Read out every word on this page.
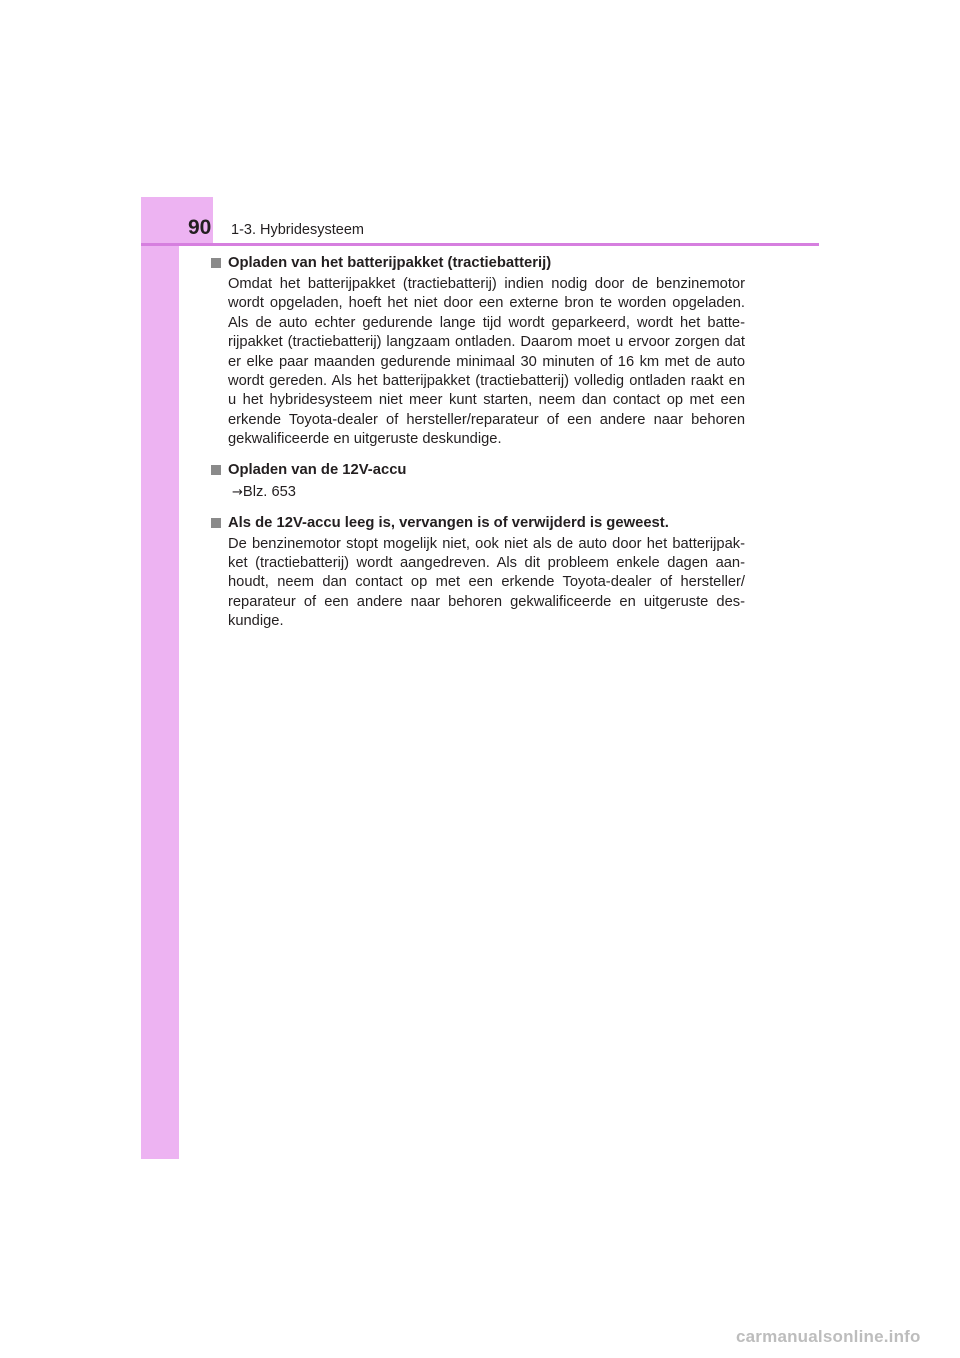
90 1-3. Hybridesysteem
Opladen van het batterijpakket (tractiebatterij)
Omdat het batterijpakket (tractiebatterij) indien nodig door de benzinemotor wordt opgeladen, hoeft het niet door een externe bron te worden opgeladen. Als de auto echter gedurende lange tijd wordt geparkeerd, wordt het batte-rijpakket (tractiebatterij) langzaam ontladen. Daarom moet u ervoor zorgen dat er elke paar maanden gedurende minimaal 30 minuten of 16 km met de auto wordt gereden. Als het batterijpakket (tractiebatterij) volledig ontladen raakt en u het hybridesysteem niet meer kunt starten, neem dan contact op met een erkende Toyota-dealer of hersteller/reparateur of een andere naar behoren gekwalificeerde en uitgeruste deskundige.
Opladen van de 12V-accu
→Blz. 653
Als de 12V-accu leeg is, vervangen is of verwijderd is geweest.
De benzinemotor stopt mogelijk niet, ook niet als de auto door het batterijpak-ket (tractiebatterij) wordt aangedreven. Als dit probleem enkele dagen aan-houdt, neem dan contact op met een erkende Toyota-dealer of hersteller/ reparateur of een andere naar behoren gekwalificeerde en uitgeruste des-kundige.
carmanualsonline.info
